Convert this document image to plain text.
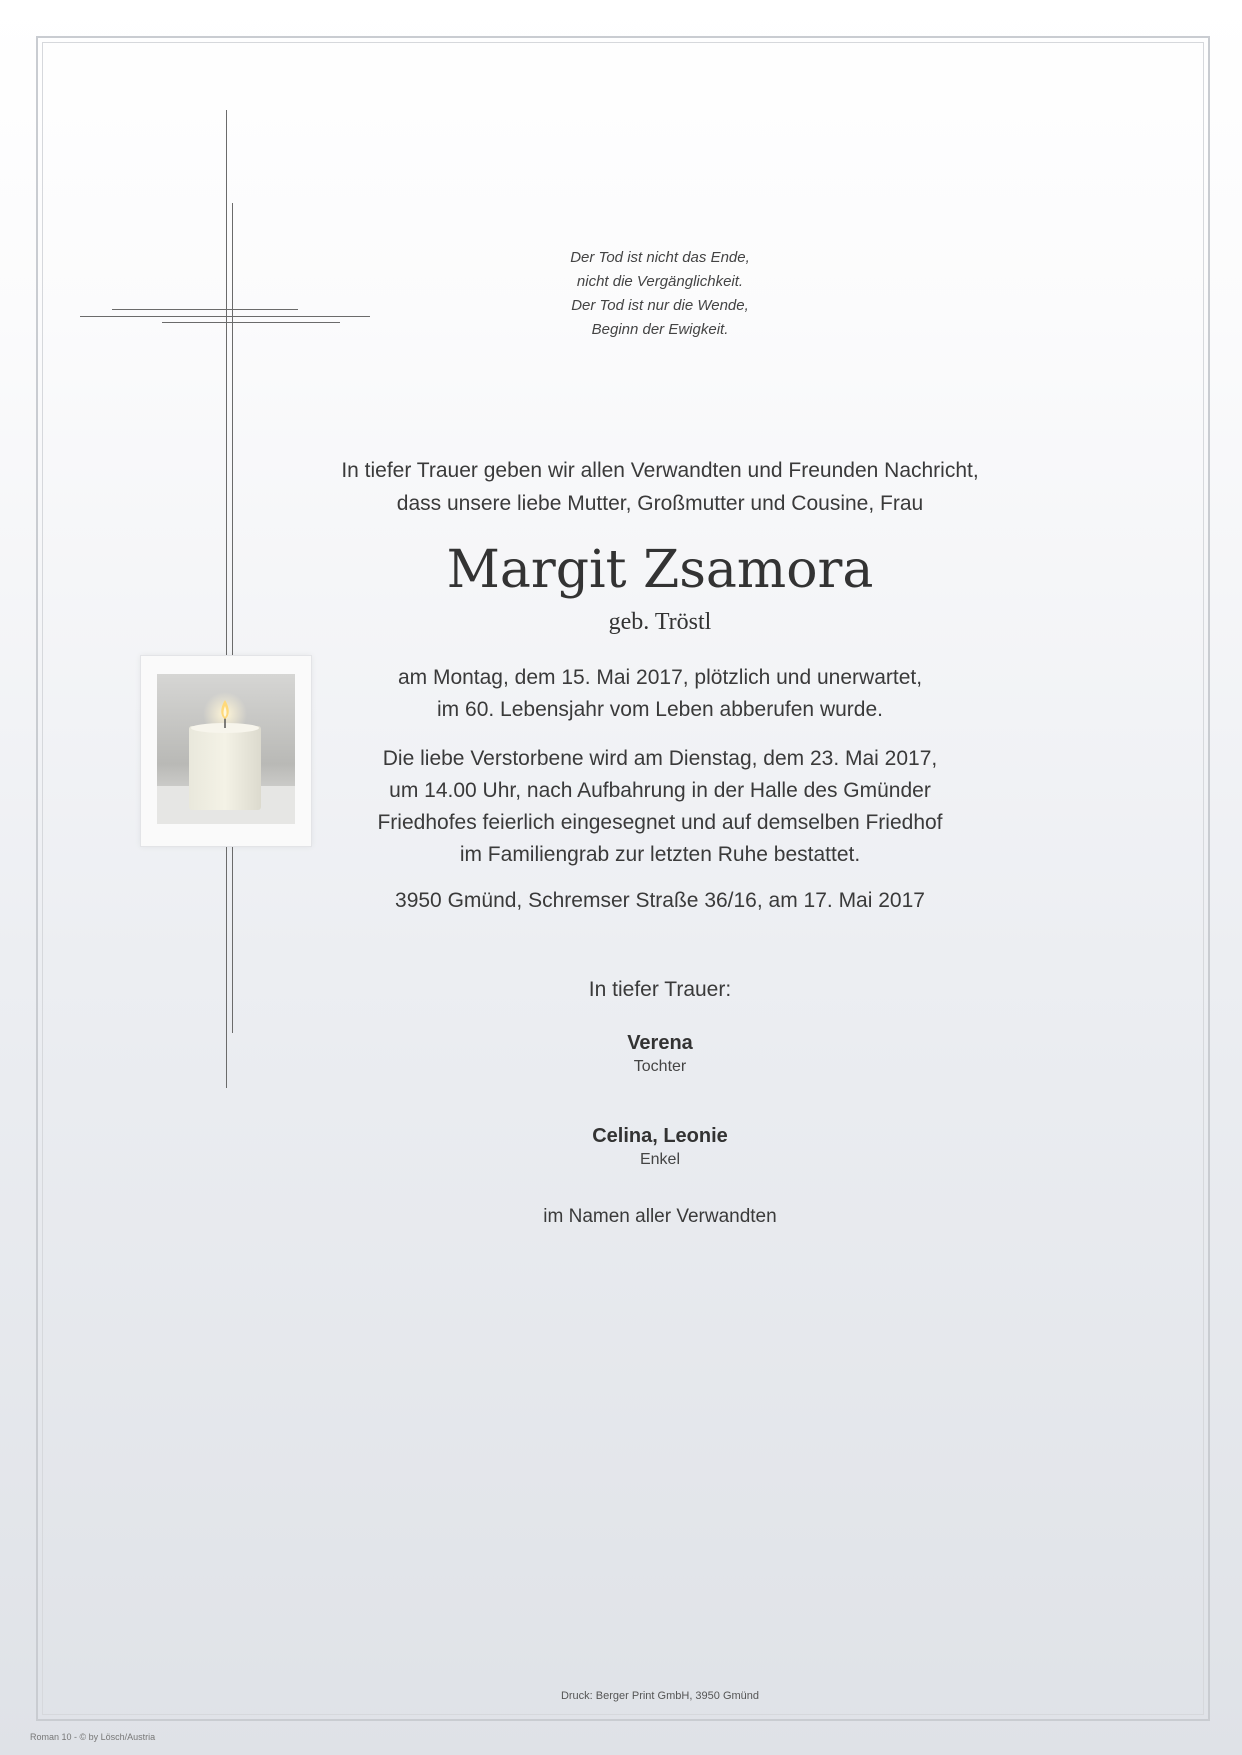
Der Tod ist nicht das Ende,
nicht die Vergänglichkeit.
Der Tod ist nur die Wende,
Beginn der Ewigkeit.
In tiefer Trauer geben wir allen Verwandten und Freunden Nachricht,
dass unsere liebe Mutter, Großmutter und Cousine, Frau
Margit Zsamora
geb. Tröstl
am Montag, dem 15. Mai 2017, plötzlich und unerwartet,
im 60. Lebensjahr vom Leben abberufen wurde.
Die liebe Verstorbene wird am Dienstag, dem 23. Mai 2017,
um 14.00 Uhr, nach Aufbahrung in der Halle des Gmünder
Friedhofes feierlich eingesegnet und auf demselben Friedhof
im Familiengrab zur letzten Ruhe bestattet.
3950 Gmünd, Schremser Straße 36/16, am 17. Mai 2017
In tiefer Trauer:
Verena
Tochter
Celina, Leonie
Enkel
im Namen aller Verwandten
Druck: Berger Print GmbH, 3950 Gmünd
Roman 10 - © by Lösch/Austria
